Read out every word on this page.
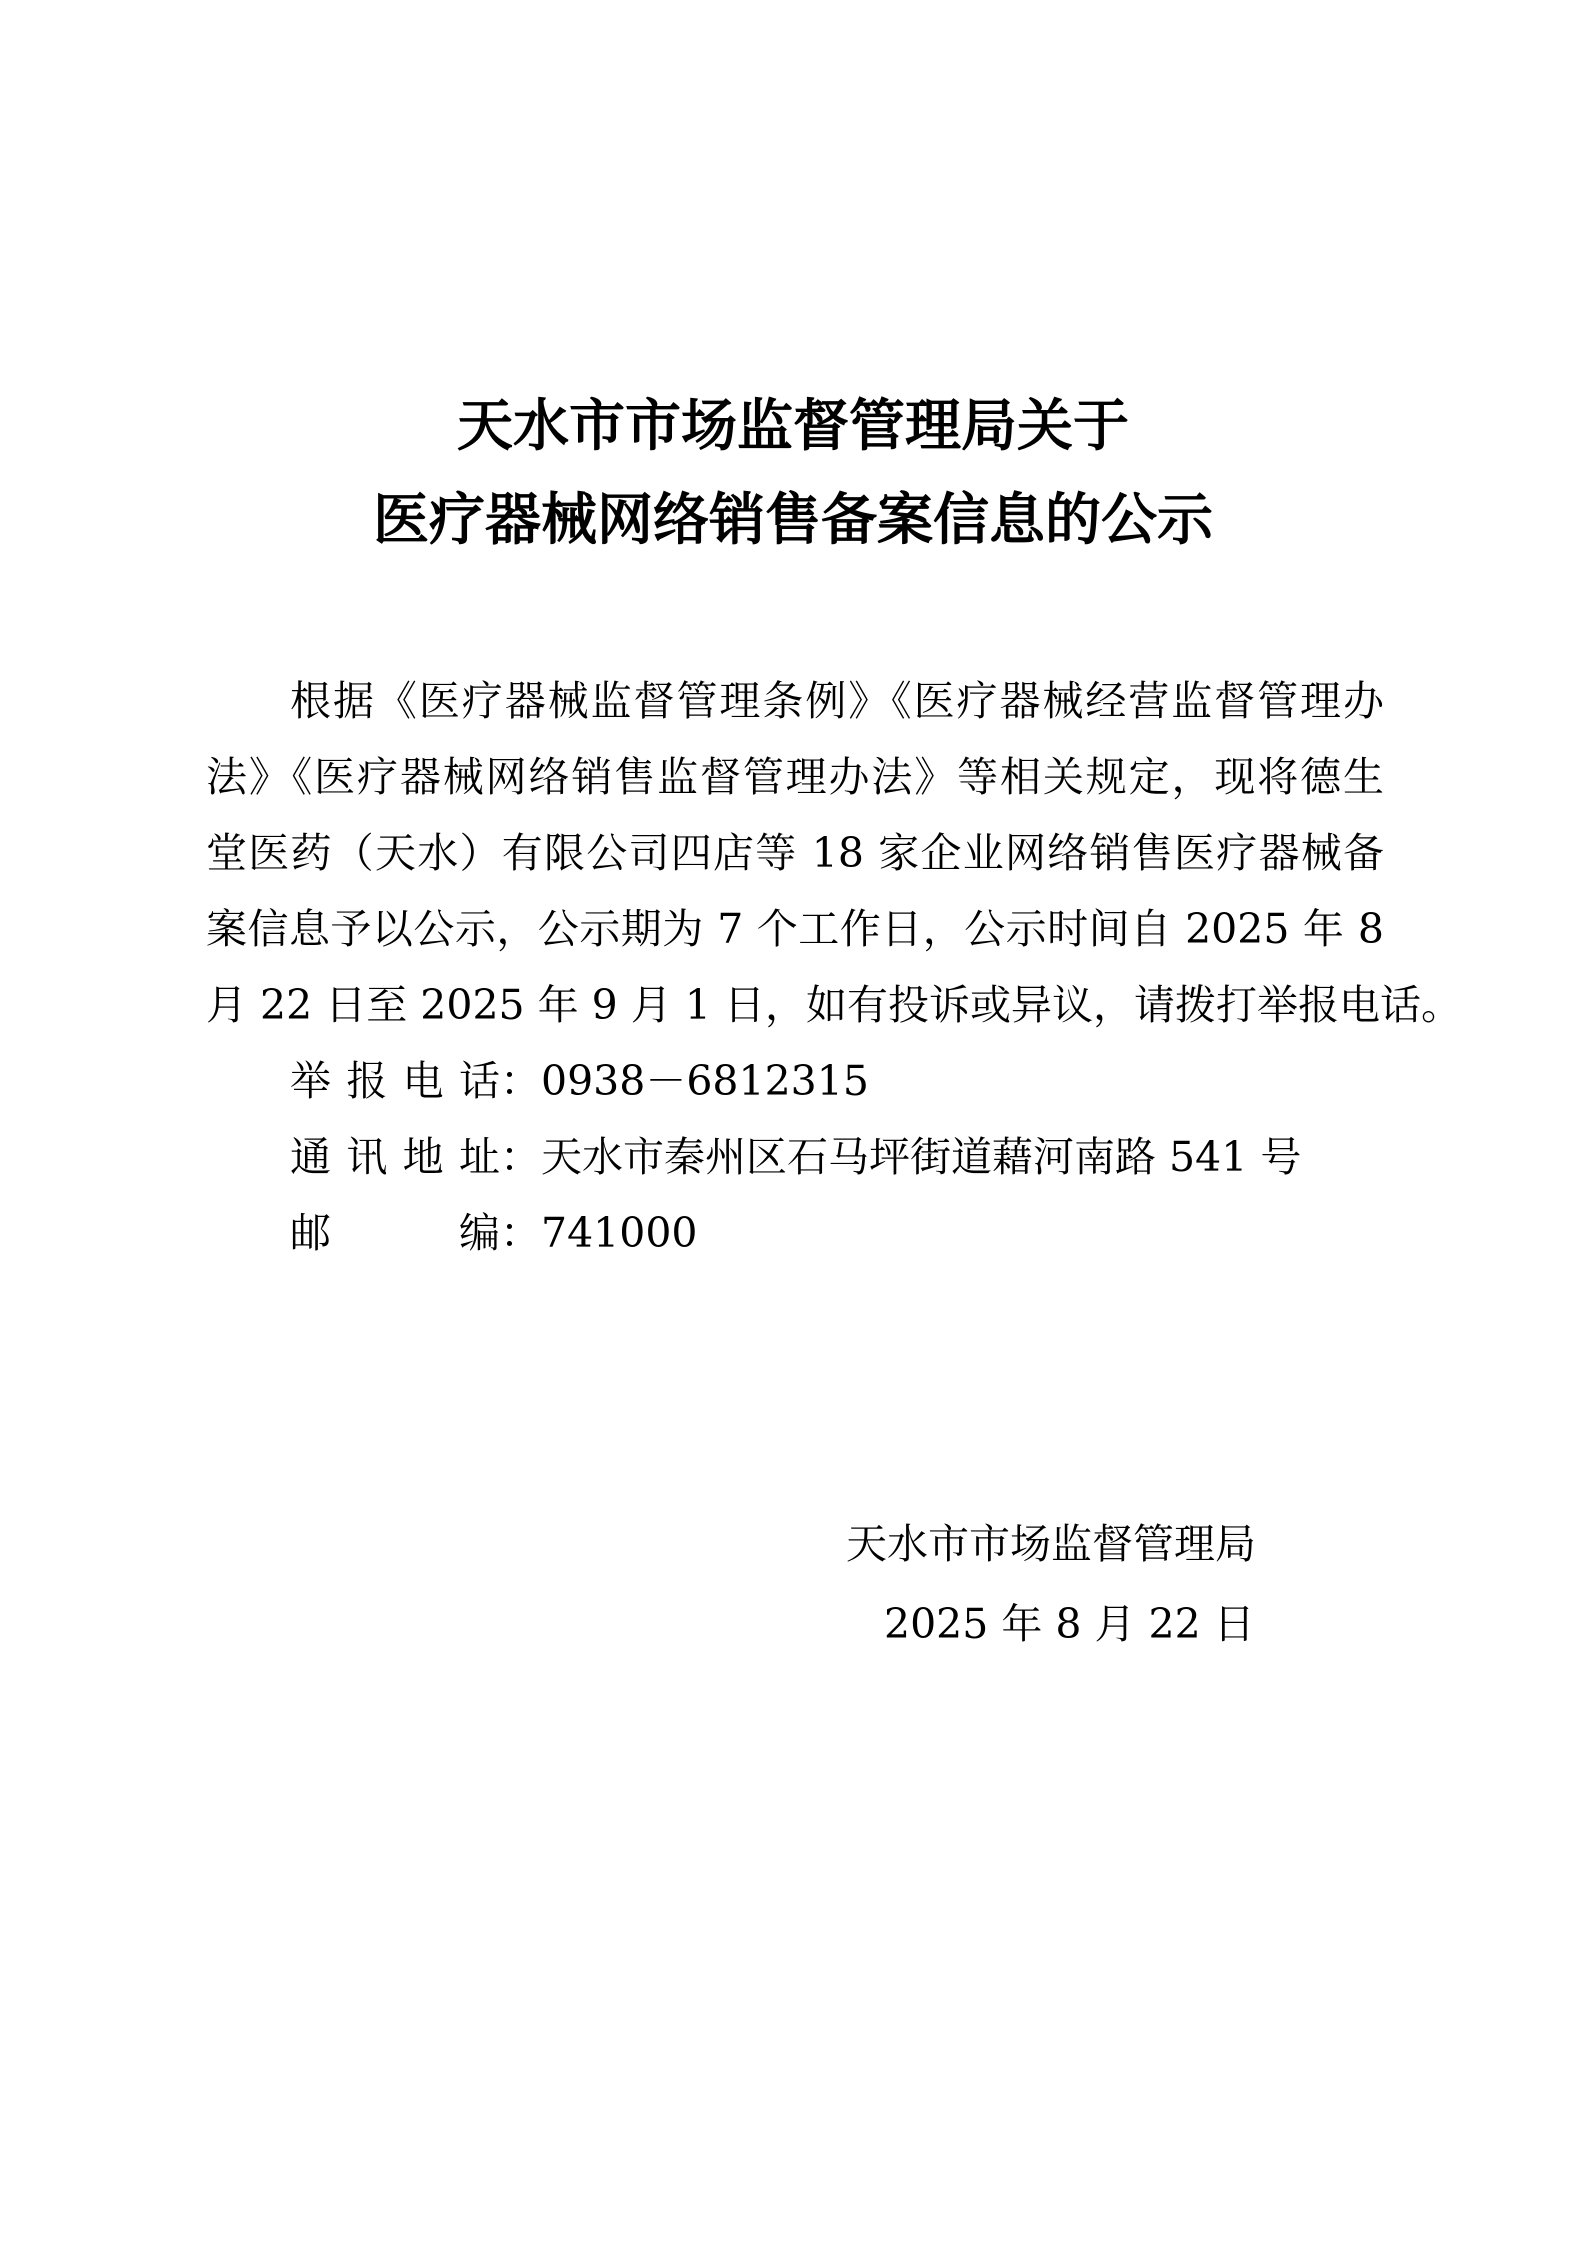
天水市市场监督管理局关于
医疗器械网络销售备案信息的公示
根据《医疗器械监督管理条例》《医疗器械经营监督管理办
法》《医疗器械网络销售监督管理办法》等相关规定，现将德生
堂医药（天水）有限公司四店等 18 家企业网络销售医疗器械备
案信息予以公示，公示期为 7 个工作日，公示时间自 2025 年 8
月 22 日至 2025 年 9 月 1 日，如有投诉或异议，请拨打举报电话。
举报电话：0938－6812315
通讯地址：天水市秦州区石马坪街道藉河南路 541 号
邮编：741000
天水市市场监督管理局
2025 年 8 月 22 日
